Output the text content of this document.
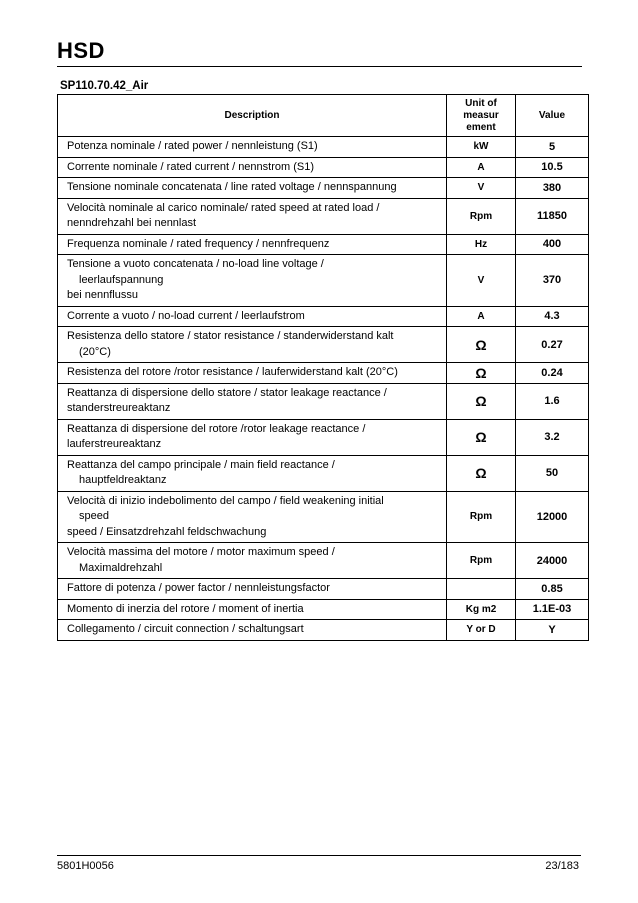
HSD
SP110.70.42_Air
Description	Unit of measur ement	Value

Potenza nominale / rated power / nennleistung (S1)	kW	5

Corrente nominale / rated current / nennstrom (S1)	A	10.5

Tensione nominale concatenata / line rated voltage / nennspannung	V	380

Velocità nominale al carico nominale/ rated speed at rated load /
nenndrehzahl bei nennlast	Rpm	11850

Frequenza nominale / rated frequency / nennfrequenz	Hz	400

Tensione a vuoto concatenata / no-load line voltage /
leerlaufspannung
bei nennflussu	V	370

Corrente a vuoto / no-load current / leerlaufstrom	A	4.3

Resistenza dello statore / stator resistance / standerwiderstand kalt
(20°C)	Ω	0.27

Resistenza del rotore /rotor resistance / lauferwiderstand kalt (20°C)	Ω	0.24

Reattanza di dispersione dello statore / stator leakage reactance /
standerstreureaktanz	Ω	1.6

Reattanza di dispersione del rotore /rotor leakage reactance /
lauferstreureaktanz	Ω	3.2

Reattanza del campo principale / main field reactance /
hauptfeldreaktanz	Ω	50

Velocità di inizio indebolimento del campo / field weakening initial
speed
speed / Einsatzdrehzahl feldschwachung	Rpm	12000

Velocità massima del motore / motor maximum speed /
Maximaldrehzahl	Rpm	24000

Fattore di potenza / power factor / nennleistungsfactor		0.85

Momento di inerzia del rotore / moment of inertia	Kg m2	1.1E-03

Collegamento / circuit connection / schaltungsart	Y or D	Y
5801H0056	23/183
